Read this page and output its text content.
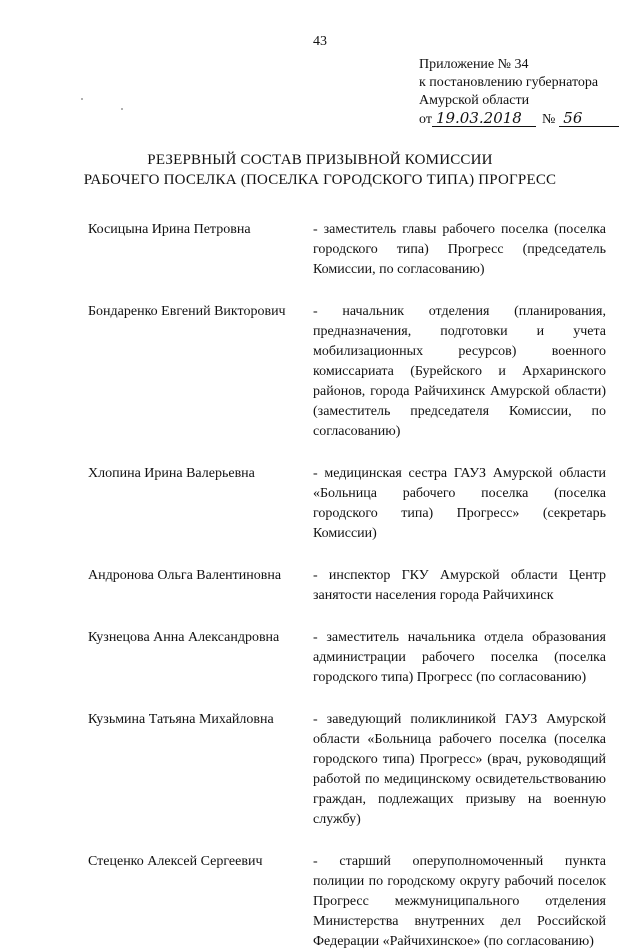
43
Приложение № 34
к постановлению губернатора
Амурской области
от 19.03.2018	№ 56
РЕЗЕРВНЫЙ СОСТАВ ПРИЗЫВНОЙ КОМИССИИ
РАБОЧЕГО ПОСЕЛКА (ПОСЕЛКА ГОРОДСКОГО ТИПА) ПРОГРЕСС
Косицына Ирина Петровна	- заместитель главы рабочего поселка (поселка городского типа) Прогресс (председатель Комиссии, по согласованию)
Бондаренко Евгений Викторович	- начальник отделения (планирования, предназначения, подготовки и учета мобилизационных ресурсов) военного комиссариата (Бурейского и Архаринского районов, города Райчихинск Амурской области) (заместитель председателя Комиссии, по согласованию)
Хлопина Ирина Валерьевна	- медицинская сестра ГАУЗ Амурской области «Больница рабочего поселка (поселка городского типа) Прогресс» (секретарь Комиссии)
Андронова Ольга Валентиновна	- инспектор ГКУ Амурской области Центр занятости населения города Райчихинск
Кузнецова Анна Александровна	- заместитель начальника отдела образования администрации рабочего поселка (поселка городского типа) Прогресс (по согласованию)
Кузьмина Татьяна Михайловна	- заведующий поликлиникой ГАУЗ Амурской области «Больница рабочего поселка (поселка городского типа) Прогресс» (врач, руководящий работой по медицинскому освидетельствованию граждан, подлежащих призыву на военную службу)
Стеценко Алексей Сергеевич	- старший оперуполномоченный пункта полиции по городскому округу рабочий поселок Прогресс межмуниципального отделения Министерства внутренних дел Российской Федерации «Райчихинское» (по согласованию)
